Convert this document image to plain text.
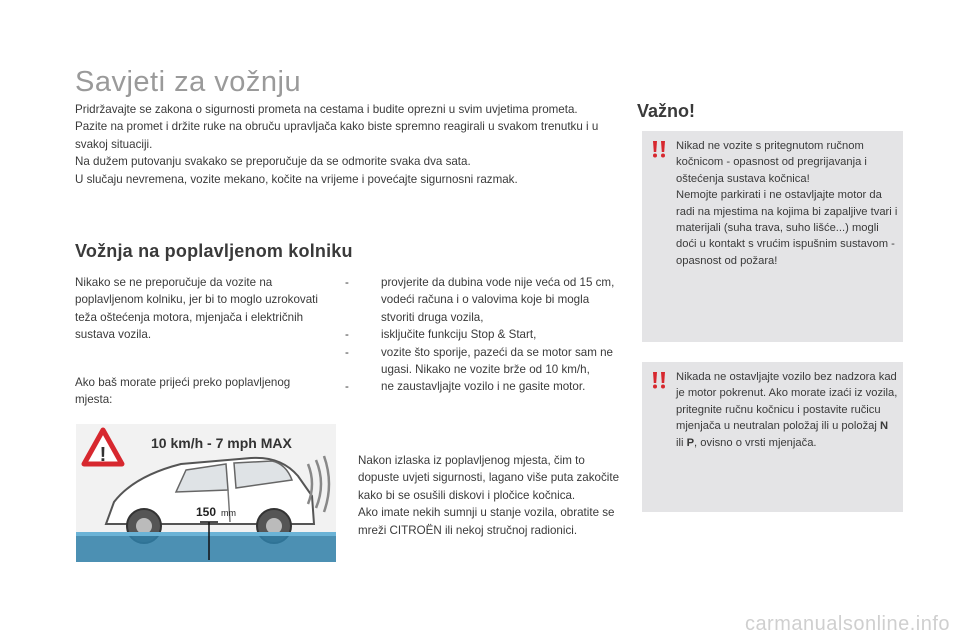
Savjeti za vožnju

Pridržavajte se zakona o sigurnosti prometa na cestama i budite oprezni u svim uvjetima prometa.

Pazite na promet i držite ruke na obruču upravljača kako biste spremno reagirali u svakom trenutku i u svakoj situaciji.

Na dužem putovanju svakako se preporučuje da se odmorite svaka dva sata.

U slučaju nevremena, vozite mekano, kočite na vrijeme i povećajte sigurnosni razmak.

Vožnja na poplavljenom kolniku

Nikako se ne preporučuje da vozite na poplavljenom kolniku, jer bi to moglo uzrokovati teža oštećenja motora, mjenjača i električnih sustava vozila.

Ako baš morate prijeći preko poplavljenog mjesta:

-	provjerite da dubina vode nije veća od 15 cm, vodeći računa i o valovima koje bi mogla stvoriti druga vozila,
-	isključite funkciju Stop & Start,
-	vozite što sporije, pazeći da se motor sam ne ugasi. Nikako ne vozite brže od 10 km/h,
-	ne zaustavljajte vozilo i ne gasite motor.

Nakon izlaska iz poplavljenog mjesta, čim to dopuste uvjeti sigurnosti, lagano više puta zakočite kako bi se osušili diskovi i pločice kočnica.

Ako imate nekih sumnji u stanje vozila, obratite se mreži CITROËN ili nekoj stručnoj radionici.

!
10 km/h - 7 mph MAX
150 mm
Važno!

Nikad ne vozite s pritegnutom ručnom kočnicom - opasnost od pregrijavanja i oštećenja sustava kočnica!

Nemojte parkirati i ne ostavljajte motor da radi na mjestima na kojima bi zapaljive tvari i materijali (suha trava, suho lišće...) mogli doći u kontakt s vrućim ispušnim sustavom - opasnost od požara!

Nikada ne ostavljajte vozilo bez nadzora kad je motor pokrenut. Ako morate izaći iz vozila, pritegnite ručnu kočnicu i postavite ručicu mjenjača u neutralan položaj ili u položaj N ili P, ovisno o vrsti mjenjača.

carmanualsonline.info
